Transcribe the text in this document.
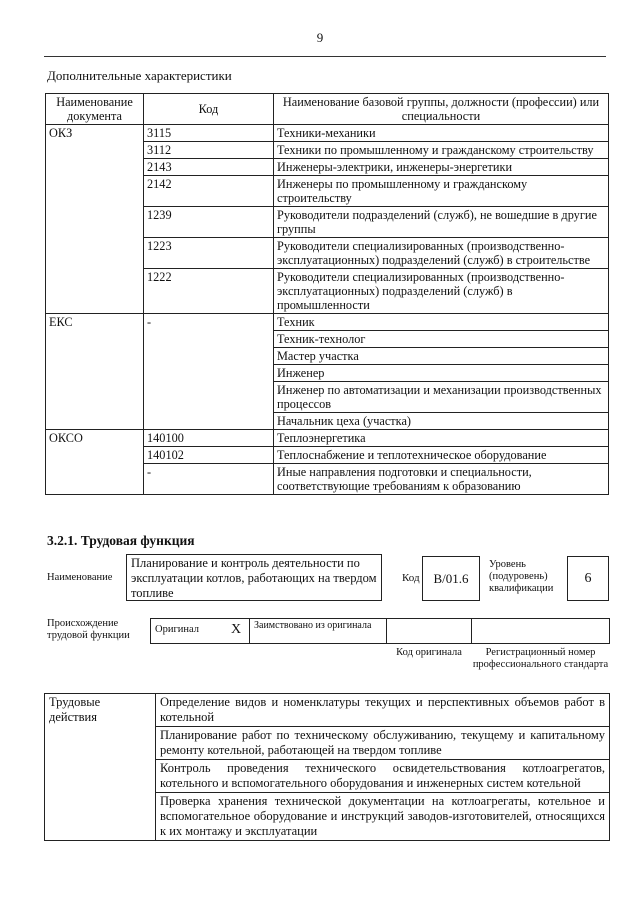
9
Дополнительные характеристики
Наименование документа	Код	Наименование базовой группы, должности (профессии) или специальности
ОКЗ	3115	Техники-механики
	3112	Техники по промышленному и гражданскому строительству
	2143	Инженеры-электрики, инженеры-энергетики
	2142	Инженеры по промышленному и гражданскому строительству
	1239	Руководители подразделений (служб), не вошедшие в другие группы
	1223	Руководители специализированных (производственно-эксплуатационных) подразделений (служб) в строительстве
	1222	Руководители специализированных (производственно-эксплуатационных) подразделений (служб) в промышленности
ЕКС	-	Техник
		Техник-технолог
		Мастер участка
		Инженер
		Инженер по автоматизации и механизации производственных процессов
		Начальник цеха (участка)
ОКСО	140100	Теплоэнергетика
	140102	Теплоснабжение и теплотехническое оборудование
	-	Иные направления подготовки и специальности, соответствующие требованиям к образованию
3.2.1. Трудовая функция
Наименование
Планирование и контроль деятельности по эксплуатации котлов, работающих на твердом топливе
Код	В/01.6
Уровень (подуровень) квалификации
6
Происхождение трудовой функции
Оригинал X	Заимствовано из оригинала
Код оригинала	Регистрационный номер профессионального стандарта
Трудовые действия	Определение видов и номенклатуры текущих и перспективных объемов работ в котельной
Планирование работ по техническому обслуживанию, текущему и капитальному ремонту котельной, работающей на твердом топливе
Контроль проведения технического освидетельствования котлоагрегатов, котельного и вспомогательного оборудования и инженерных систем котельной
Проверка хранения технической документации на котлоагрегаты, котельное и вспомогательное оборудование и инструкций заводов-изготовителей, относящихся к их монтажу и эксплуатации
